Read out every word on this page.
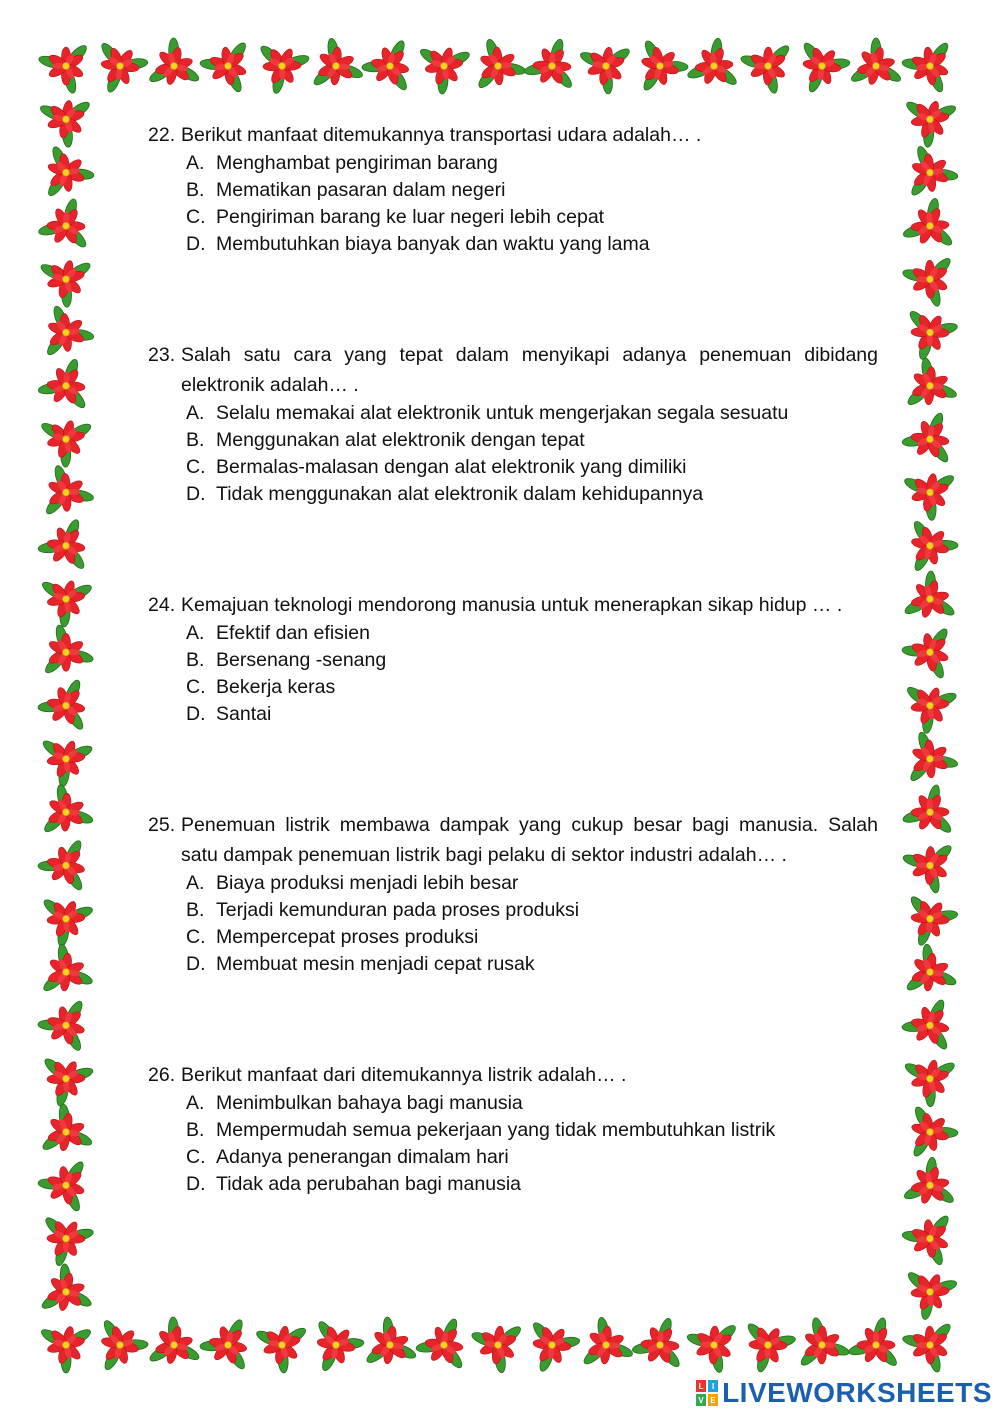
22. Berikut manfaat ditemukannya transportasi udara adalah… .
A. Menghambat pengiriman barang
B. Mematikan pasaran dalam negeri
C. Pengiriman barang ke luar negeri lebih cepat
D. Membutuhkan biaya banyak dan waktu yang lama
23. Salah satu cara yang tepat dalam menyikapi adanya penemuan dibidang elektronik adalah… .
A. Selalu memakai alat elektronik untuk mengerjakan segala sesuatu
B. Menggunakan alat elektronik dengan tepat
C. Bermalas-malasan dengan alat elektronik yang dimiliki
D. Tidak menggunakan alat elektronik dalam kehidupannya
24. Kemajuan teknologi mendorong manusia untuk menerapkan sikap hidup … .
A. Efektif dan efisien
B. Bersenang -senang
C. Bekerja keras
D. Santai
25. Penemuan listrik membawa dampak yang cukup besar bagi manusia. Salah satu dampak penemuan listrik bagi pelaku di sektor industri adalah… .
A. Biaya produksi menjadi lebih besar
B. Terjadi kemunduran pada proses produksi
C. Mempercepat proses produksi
D. Membuat mesin menjadi cepat rusak
26. Berikut manfaat dari ditemukannya listrik adalah… .
A. Menimbulkan bahaya bagi manusia
B. Mempermudah semua pekerjaan yang tidak membutuhkan listrik
C. Adanya penerangan dimalam hari
D. Tidak ada perubahan bagi manusia
L	I
V E LIVEWORKSHEETS
